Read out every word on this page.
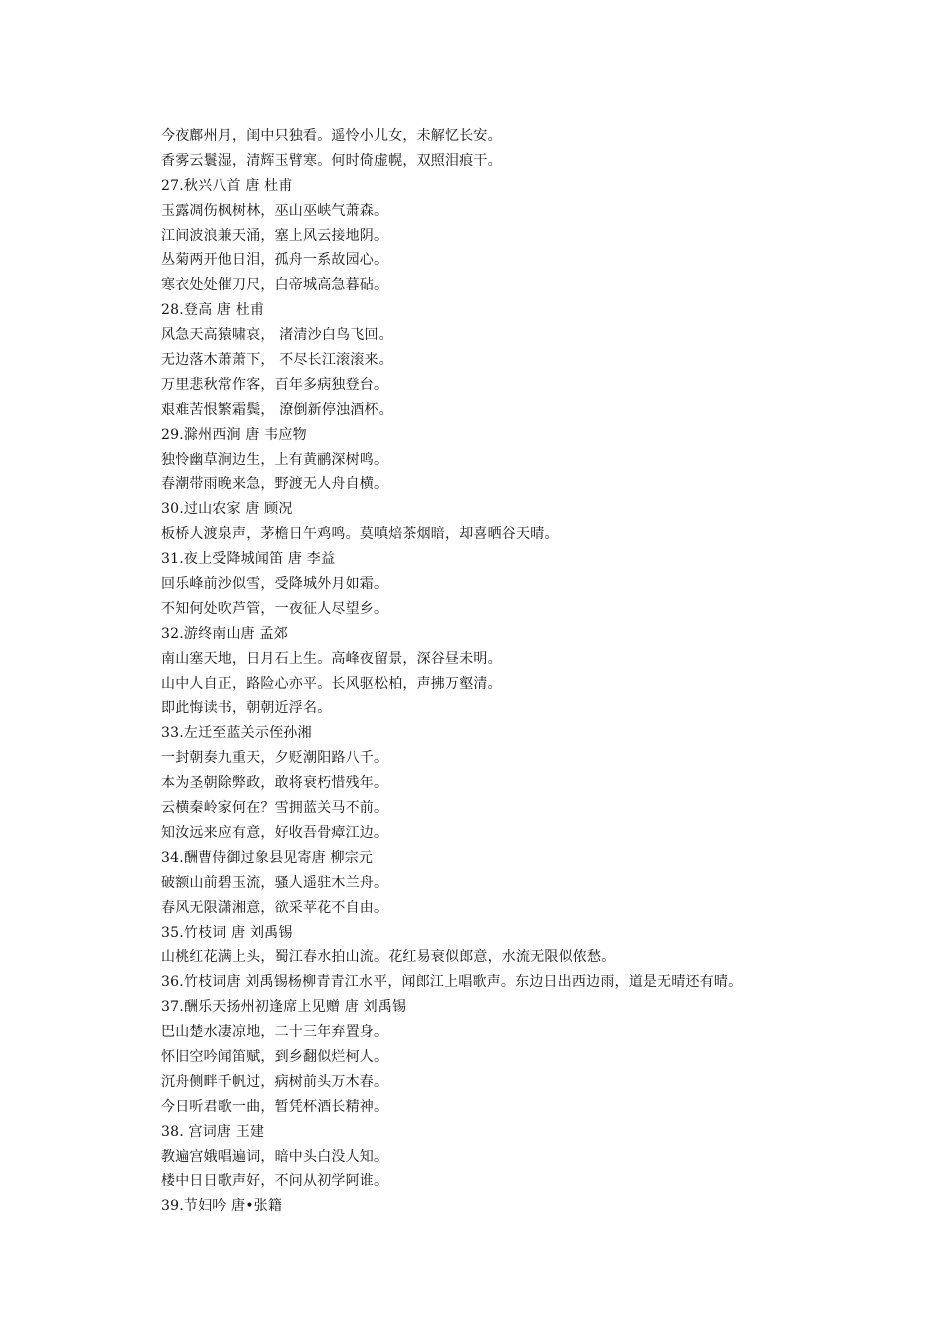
今夜鄜州月，闺中只独看。遥怜小儿女，未解忆长安。
香雾云鬟湿，清辉玉臂寒。何时倚虚幌，双照泪痕干。
27.秋兴八首 唐 杜甫
玉露凋伤枫树林，巫山巫峡气萧森。
江间波浪兼天涌，塞上风云接地阴。
丛菊两开他日泪，孤舟一系故园心。
寒衣处处催刀尺，白帝城高急暮砧。
28.登高 唐 杜甫
风急天高猿啸哀， 渚清沙白鸟飞回。
无边落木萧萧下， 不尽长江滚滚来。
万里悲秋常作客，百年多病独登台。
艰难苦恨繁霜鬓， 潦倒新停浊酒杯。
29.滁州西涧 唐 韦应物
独怜幽草涧边生，上有黄鹂深树鸣。
春潮带雨晚来急，野渡无人舟自横。
30.过山农家 唐 顾况
板桥人渡泉声，茅檐日午鸡鸣。莫嗔焙茶烟暗，却喜晒谷天晴。
31.夜上受降城闻笛 唐 李益
回乐峰前沙似雪，受降城外月如霜。
不知何处吹芦管，一夜征人尽望乡。
32.游终南山唐 孟郊
南山塞天地，日月石上生。高峰夜留景，深谷昼未明。
山中人自正，路险心亦平。长风驱松柏，声拂万壑清。
即此悔读书，朝朝近浮名。
33.左迁至蓝关示侄孙湘
一封朝奏九重天，夕贬潮阳路八千。
本为圣朝除弊政，敢将衰朽惜残年。
云横秦岭家何在？雪拥蓝关马不前。
知汝远来应有意，好收吾骨瘴江边。
34.酬曹侍御过象县见寄唐 柳宗元
破额山前碧玉流，骚人遥驻木兰舟。
春风无限潇湘意，欲采苹花不自由。
35.竹枝词 唐 刘禹锡
山桃红花满上头，蜀江春水拍山流。花红易衰似郎意，水流无限似侬愁。
36.竹枝词唐 刘禹锡杨柳青青江水平，闻郎江上唱歌声。东边日出西边雨，道是无晴还有晴。
37.酬乐天扬州初逢席上见赠 唐 刘禹锡
巴山楚水凄凉地，二十三年弃置身。
怀旧空吟闻笛赋，到乡翻似烂柯人。
沉舟侧畔千帆过，病树前头万木春。
今日听君歌一曲，暂凭杯酒长精神。
38. 宫词唐 王建
教遍宫娥唱遍词，暗中头白没人知。
楼中日日歌声好，不问从初学阿谁。
39.节妇吟 唐•张籍
